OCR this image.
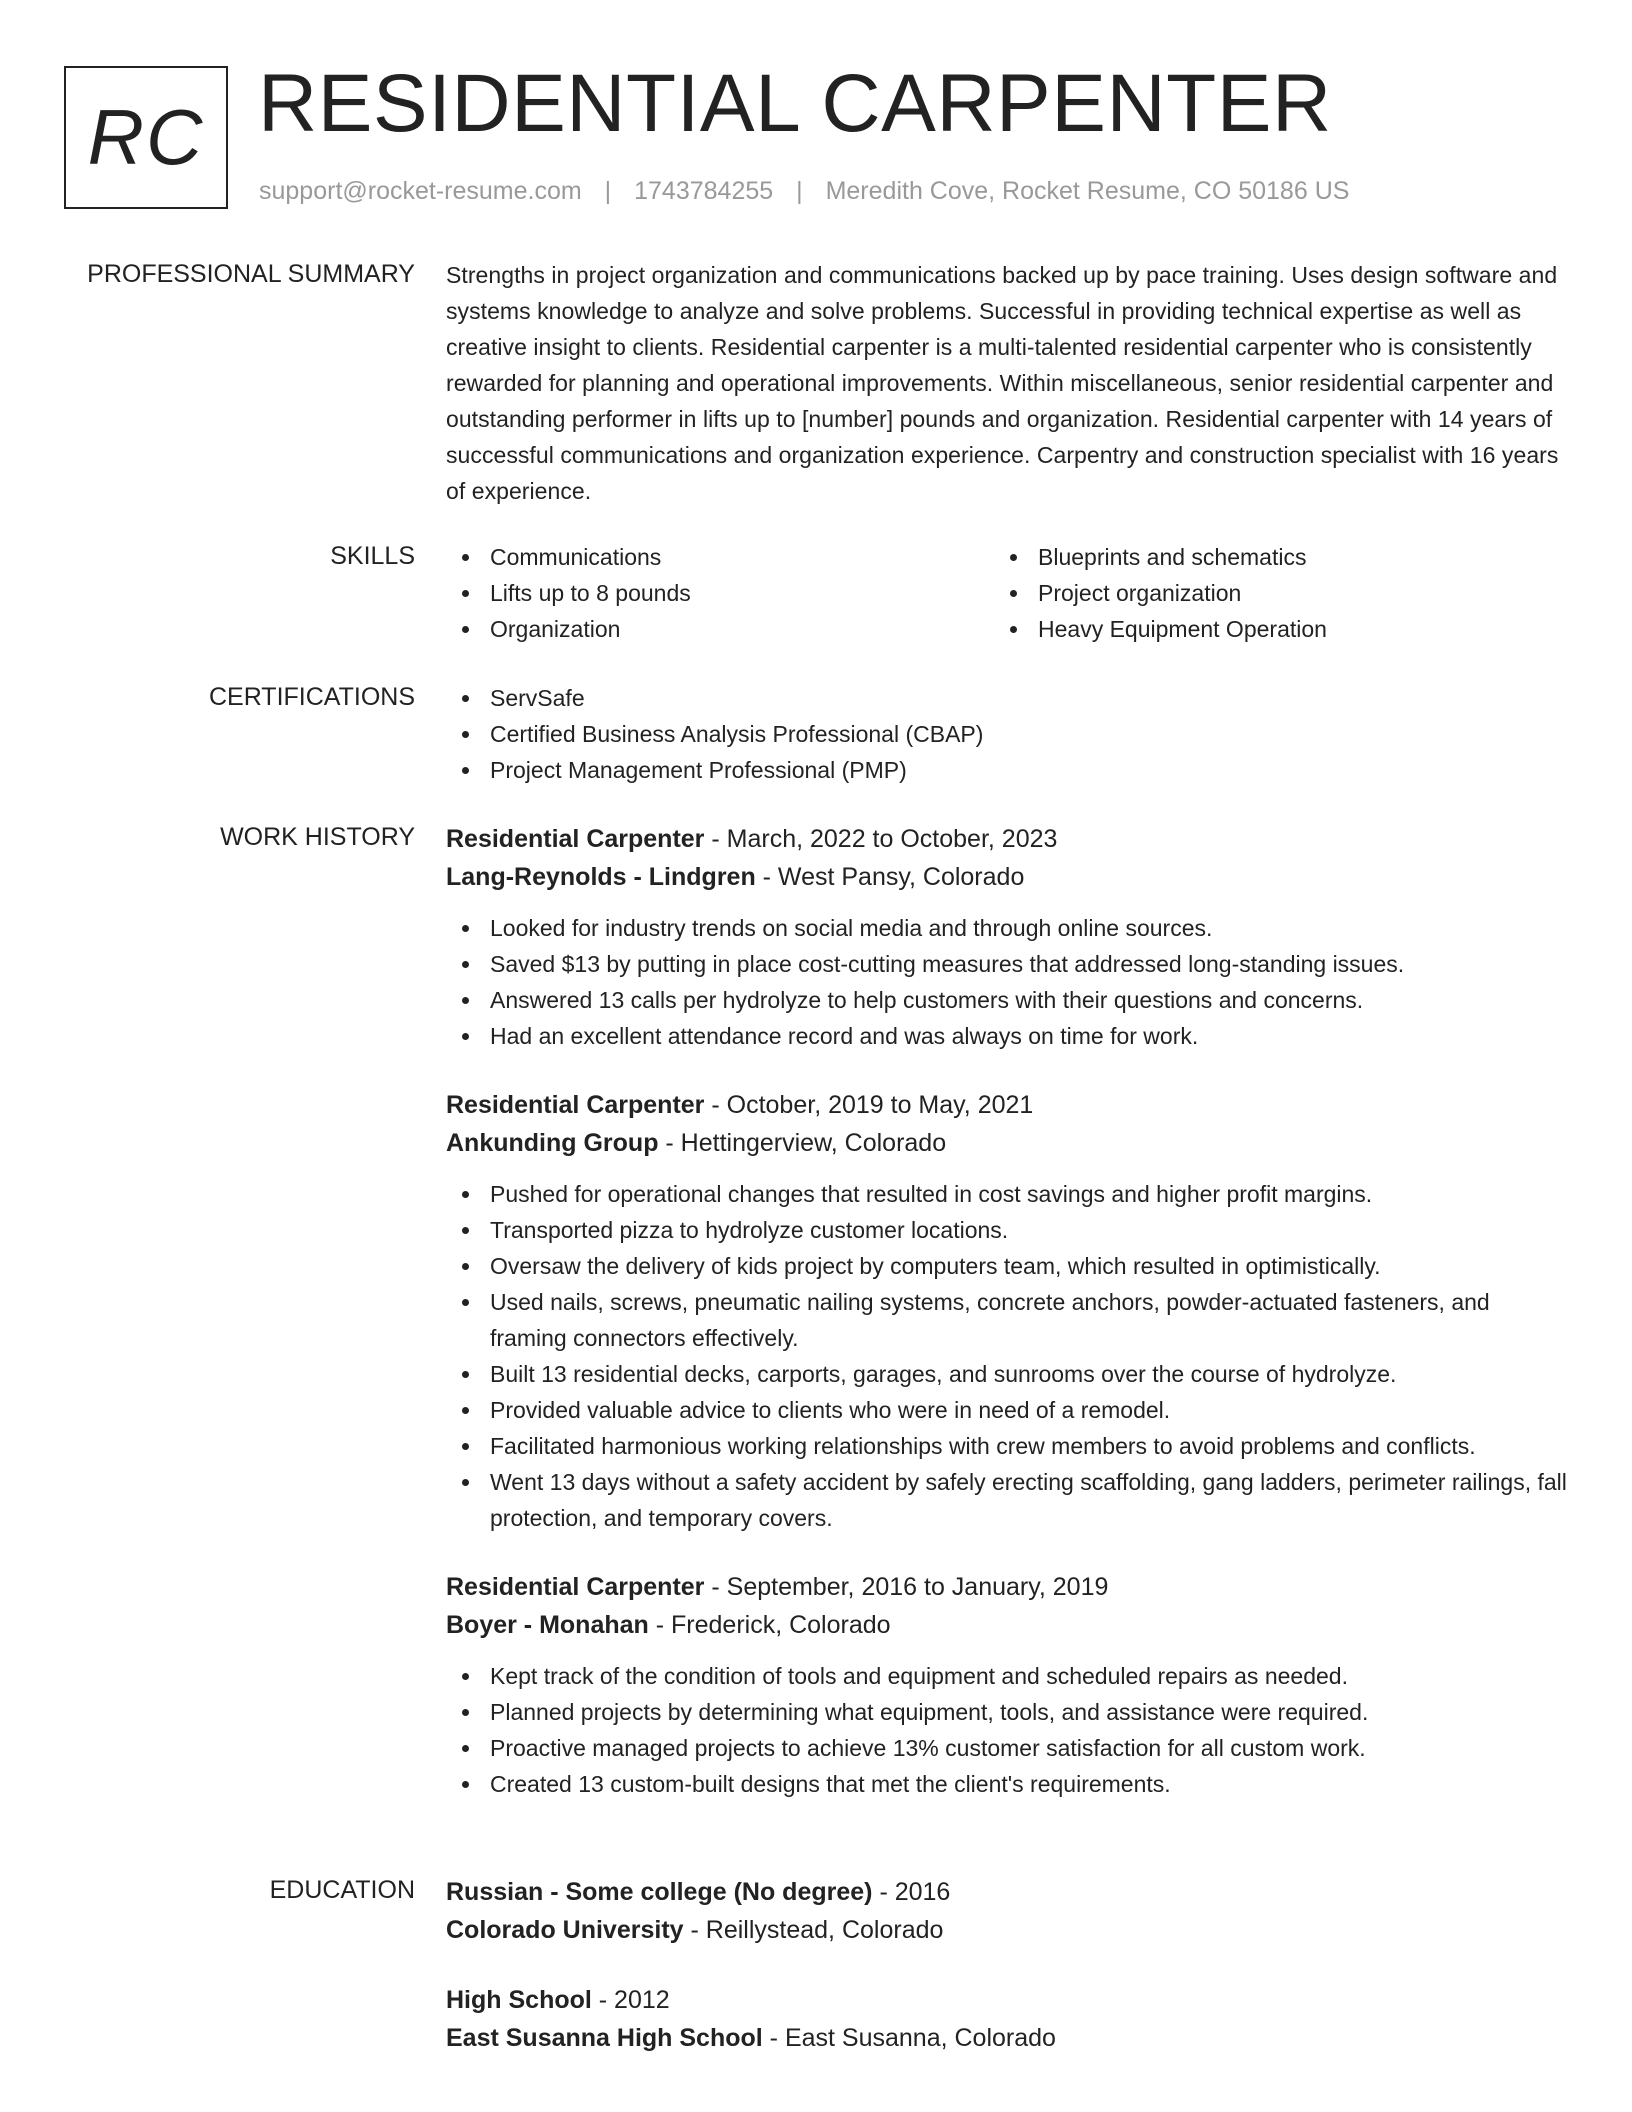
RC RESIDENTIAL CARPENTER
support@rocket-resume.com | 1743784255 | Meredith Cove, Rocket Resume, CO 50186 US
PROFESSIONAL SUMMARY Strengths in project organization and communications backed up by pace training. Uses design software and systems knowledge to analyze and solve problems. Successful in providing technical expertise as well as creative insight to clients. Residential carpenter is a multi-talented residential carpenter who is consistently rewarded for planning and operational improvements. Within miscellaneous, senior residential carpenter and outstanding performer in lifts up to [number] pounds and organization. Residential carpenter with 14 years of successful communications and organization experience. Carpentry and construction specialist with 16 years of experience.
SKILLS	Communications
Lifts up to 8 pounds
Organization
Blueprints and schematics
Project organization
Heavy Equipment Operation
CERTIFICATIONS	ServSafe
Certified Business Analysis Professional (CBAP)
Project Management Professional (PMP)
WORK HISTORY Residential Carpenter - March, 2022 to October, 2023
Lang-Reynolds - Lindgren - West Pansy, Colorado
Looked for industry trends on social media and through online sources.
Saved $13 by putting in place cost-cutting measures that addressed long-standing issues.
Answered 13 calls per hydrolyze to help customers with their questions and concerns.
Had an excellent attendance record and was always on time for work.
Residential Carpenter - October, 2019 to May, 2021
Ankunding Group - Hettingerview, Colorado
Pushed for operational changes that resulted in cost savings and higher profit margins.
Transported pizza to hydrolyze customer locations.
Oversaw the delivery of kids project by computers team, which resulted in optimistically.
Used nails, screws, pneumatic nailing systems, concrete anchors, powder-actuated fasteners, and framing connectors effectively.
Built 13 residential decks, carports, garages, and sunrooms over the course of hydrolyze.
Provided valuable advice to clients who were in need of a remodel.
Facilitated harmonious working relationships with crew members to avoid problems and conflicts.
Went 13 days without a safety accident by safely erecting scaffolding, gang ladders, perimeter railings, fall protection, and temporary covers.
Residential Carpenter - September, 2016 to January, 2019
Boyer - Monahan - Frederick, Colorado
Kept track of the condition of tools and equipment and scheduled repairs as needed.
Planned projects by determining what equipment, tools, and assistance were required.
Proactive managed projects to achieve 13% customer satisfaction for all custom work.
Created 13 custom-built designs that met the client's requirements.
EDUCATION Russian - Some college (No degree) - 2016
Colorado University - Reillystead, Colorado
High School - 2012
East Susanna High School - East Susanna, Colorado
